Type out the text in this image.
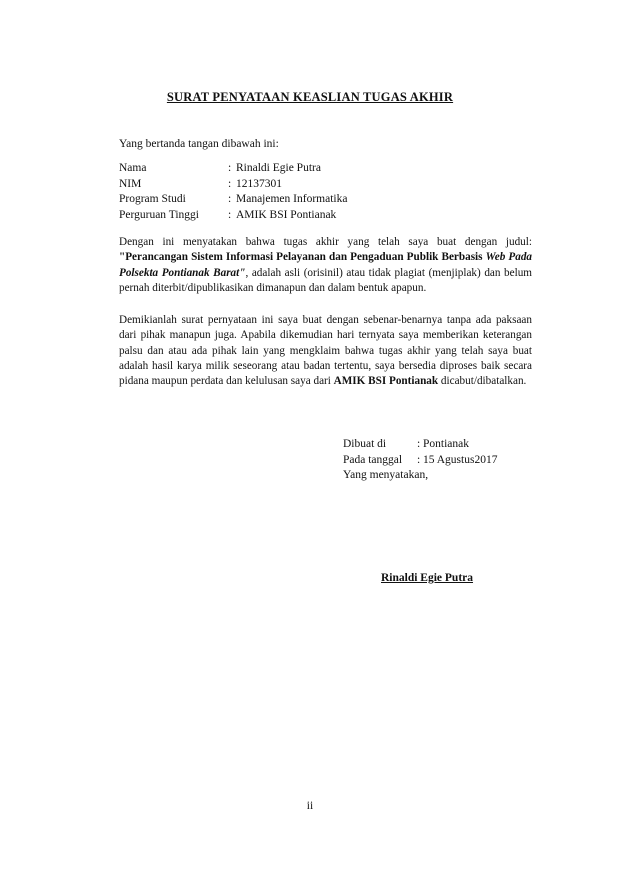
SURAT PENYATAAN KEASLIAN TUGAS AKHIR
Yang bertanda tangan dibawah ini:
Nama	: Rinaldi Egie Putra
NIM	: 12137301
Program Studi	: Manajemen Informatika
Perguruan Tinggi	: AMIK BSI Pontianak
Dengan ini menyatakan bahwa tugas akhir yang telah saya buat dengan judul: "Perancangan Sistem Informasi Pelayanan dan Pengaduan Publik Berbasis Web Pada Polsekta Pontianak Barat", adalah asli (orisinil) atau tidak plagiat (menjiplak) dan belum pernah diterbit/dipublikasikan dimanapun dan dalam bentuk apapun.
Demikianlah surat pernyataan ini saya buat dengan sebenar-benarnya tanpa ada paksaan dari pihak manapun juga. Apabila dikemudian hari ternyata saya memberikan keterangan palsu dan atau ada pihak lain yang mengklaim bahwa tugas akhir yang telah saya buat adalah hasil karya milik seseorang atau badan tertentu, saya bersedia diproses baik secara pidana maupun perdata dan kelulusan saya dari AMIK BSI Pontianak dicabut/dibatalkan.
Dibuat di	: Pontianak
Pada tanggal	: 15 Agustus2017
Yang menyatakan,
Rinaldi Egie Putra
ii
